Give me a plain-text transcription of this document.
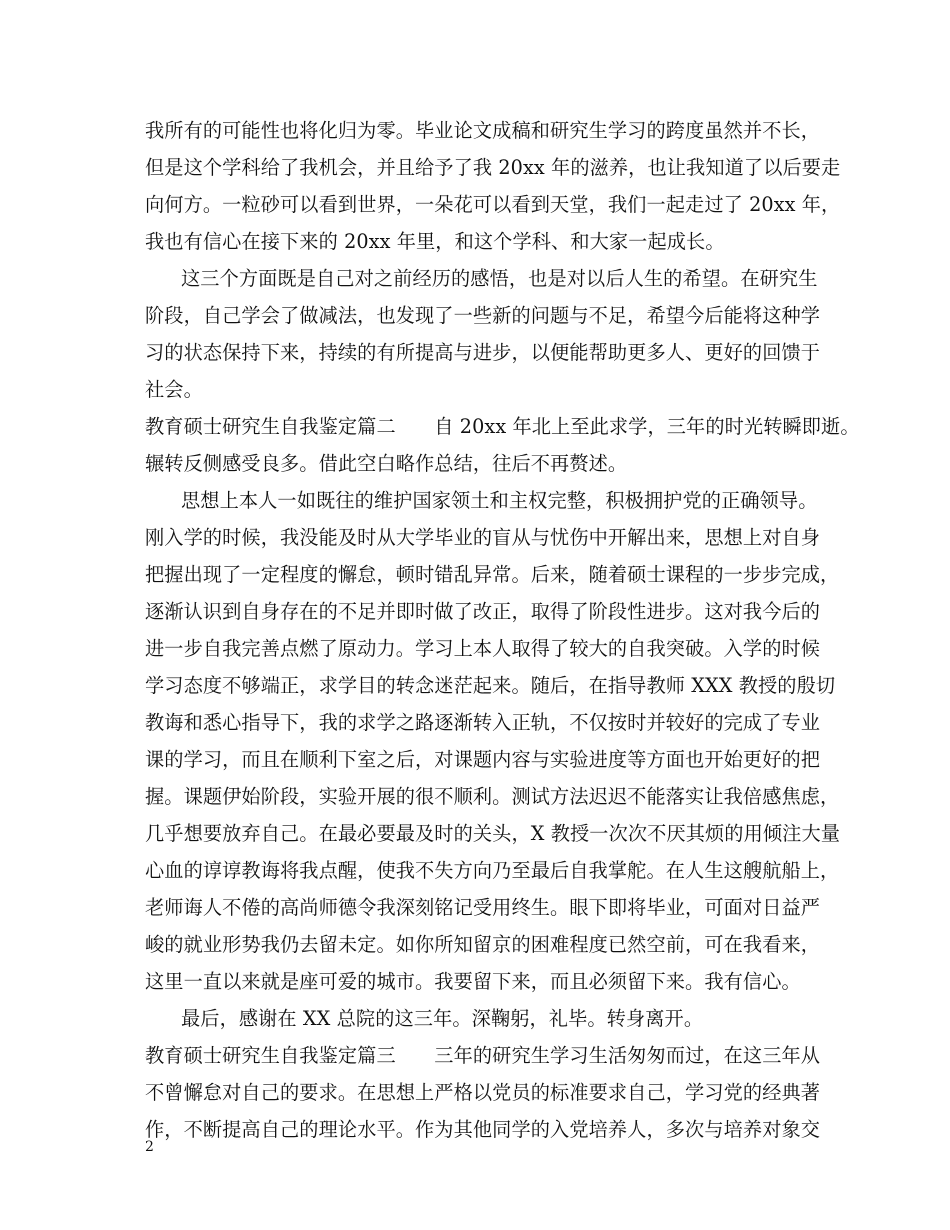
我所有的可能性也将化归为零。毕业论文成稿和研究生学习的跨度虽然并不长，
但是这个学科给了我机会，并且给予了我 20xx 年的滋养，也让我知道了以后要走
向何方。一粒砂可以看到世界，一朵花可以看到天堂，我们一起走过了 20xx 年，
我也有信心在接下来的 20xx 年里，和这个学科、和大家一起成长。
这三个方面既是自己对之前经历的感悟，也是对以后人生的希望。在研究生
阶段，自己学会了做减法，也发现了一些新的问题与不足，希望今后能将这种学
习的状态保持下来，持续的有所提高与进步，以便能帮助更多人、更好的回馈于
社会。
教育硕士研究生自我鉴定篇二　　自 20xx 年北上至此求学，三年的时光转瞬即逝。
辗转反侧感受良多。借此空白略作总结，往后不再赘述。
思想上本人一如既往的维护国家领土和主权完整，积极拥护党的正确领导。
刚入学的时候，我没能及时从大学毕业的盲从与忧伤中开解出来，思想上对自身
把握出现了一定程度的懈怠，顿时错乱异常。后来，随着硕士课程的一步步完成，
逐渐认识到自身存在的不足并即时做了改正，取得了阶段性进步。这对我今后的
进一步自我完善点燃了原动力。学习上本人取得了较大的自我突破。入学的时候
学习态度不够端正，求学目的转念迷茫起来。随后，在指导教师 XXX 教授的殷切
教诲和悉心指导下，我的求学之路逐渐转入正轨，不仅按时并较好的完成了专业
课的学习，而且在顺利下室之后，对课题内容与实验进度等方面也开始更好的把
握。课题伊始阶段，实验开展的很不顺利。测试方法迟迟不能落实让我倍感焦虑，
几乎想要放弃自己。在最必要最及时的关头，X 教授一次次不厌其烦的用倾注大量
心血的谆谆教诲将我点醒，使我不失方向乃至最后自我掌舵。在人生这艘航船上，
老师诲人不倦的高尚师德令我深刻铭记受用终生。眼下即将毕业，可面对日益严
峻的就业形势我仍去留未定。如你所知留京的困难程度已然空前，可在我看来，
这里一直以来就是座可爱的城市。我要留下来，而且必须留下来。我有信心。
最后，感谢在 XX 总院的这三年。深鞠躬，礼毕。转身离开。
教育硕士研究生自我鉴定篇三　　三年的研究生学习生活匆匆而过，在这三年从
不曾懈怠对自己的要求。在思想上严格以党员的标准要求自己，学习党的经典著
作，不断提高自己的理论水平。作为其他同学的入党培养人，多次与培养对象交
2
